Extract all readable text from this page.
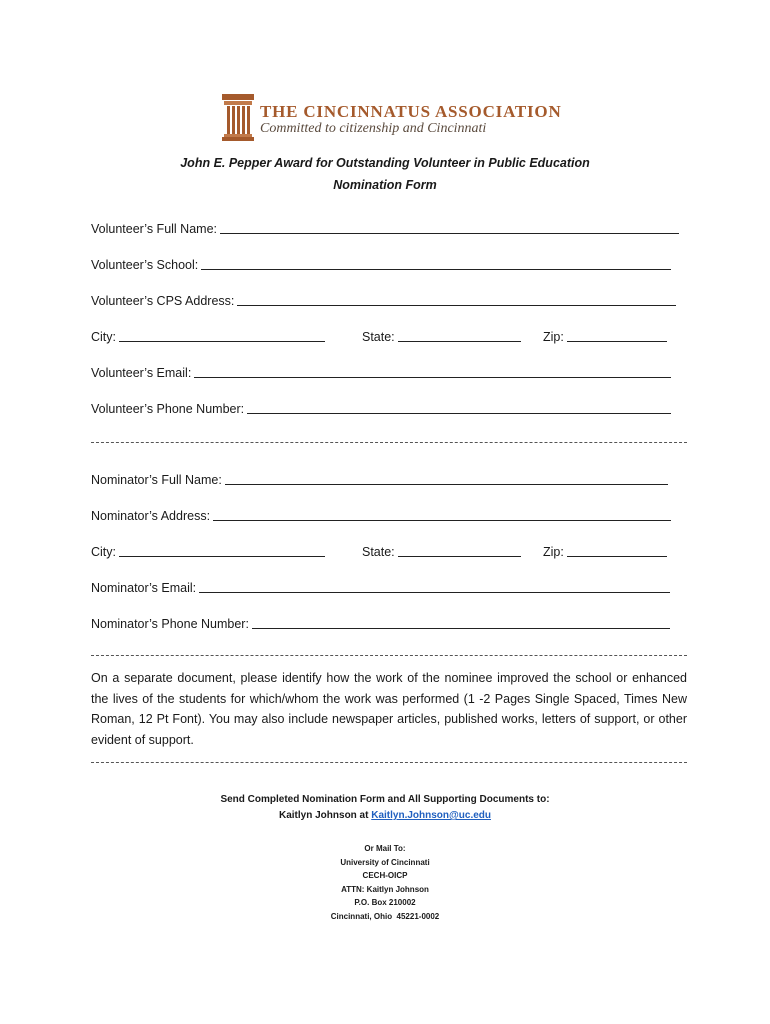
THE CINCINNATUS ASSOCIATION
Committed to citizenship and Cincinnati
John E. Pepper Award for Outstanding Volunteer in Public Education
Nomination Form
Volunteer’s Full Name:
Volunteer’s School:
Volunteer’s CPS Address:
City:	State:	Zip:
Volunteer’s Email:
Volunteer’s Phone Number:
Nominator’s Full Name:
Nominator’s Address:
City:	State:	Zip:
Nominator’s Email:
Nominator’s Phone Number:
On a separate document, please identify how the work of the nominee improved the school or enhanced the lives of the students for which/whom the work was performed (1 -2 Pages Single Spaced, Times New Roman, 12 Pt Font). You may also include newspaper articles, published works, letters of support, or other evident of support.
Send Completed Nomination Form and All Supporting Documents to:
Kaitlyn Johnson at Kaitlyn.Johnson@uc.edu
Or Mail To:
University of Cincinnati
CECH-OICP
ATTN: Kaitlyn Johnson
P.O. Box 210002
Cincinnati, Ohio  45221-0002
